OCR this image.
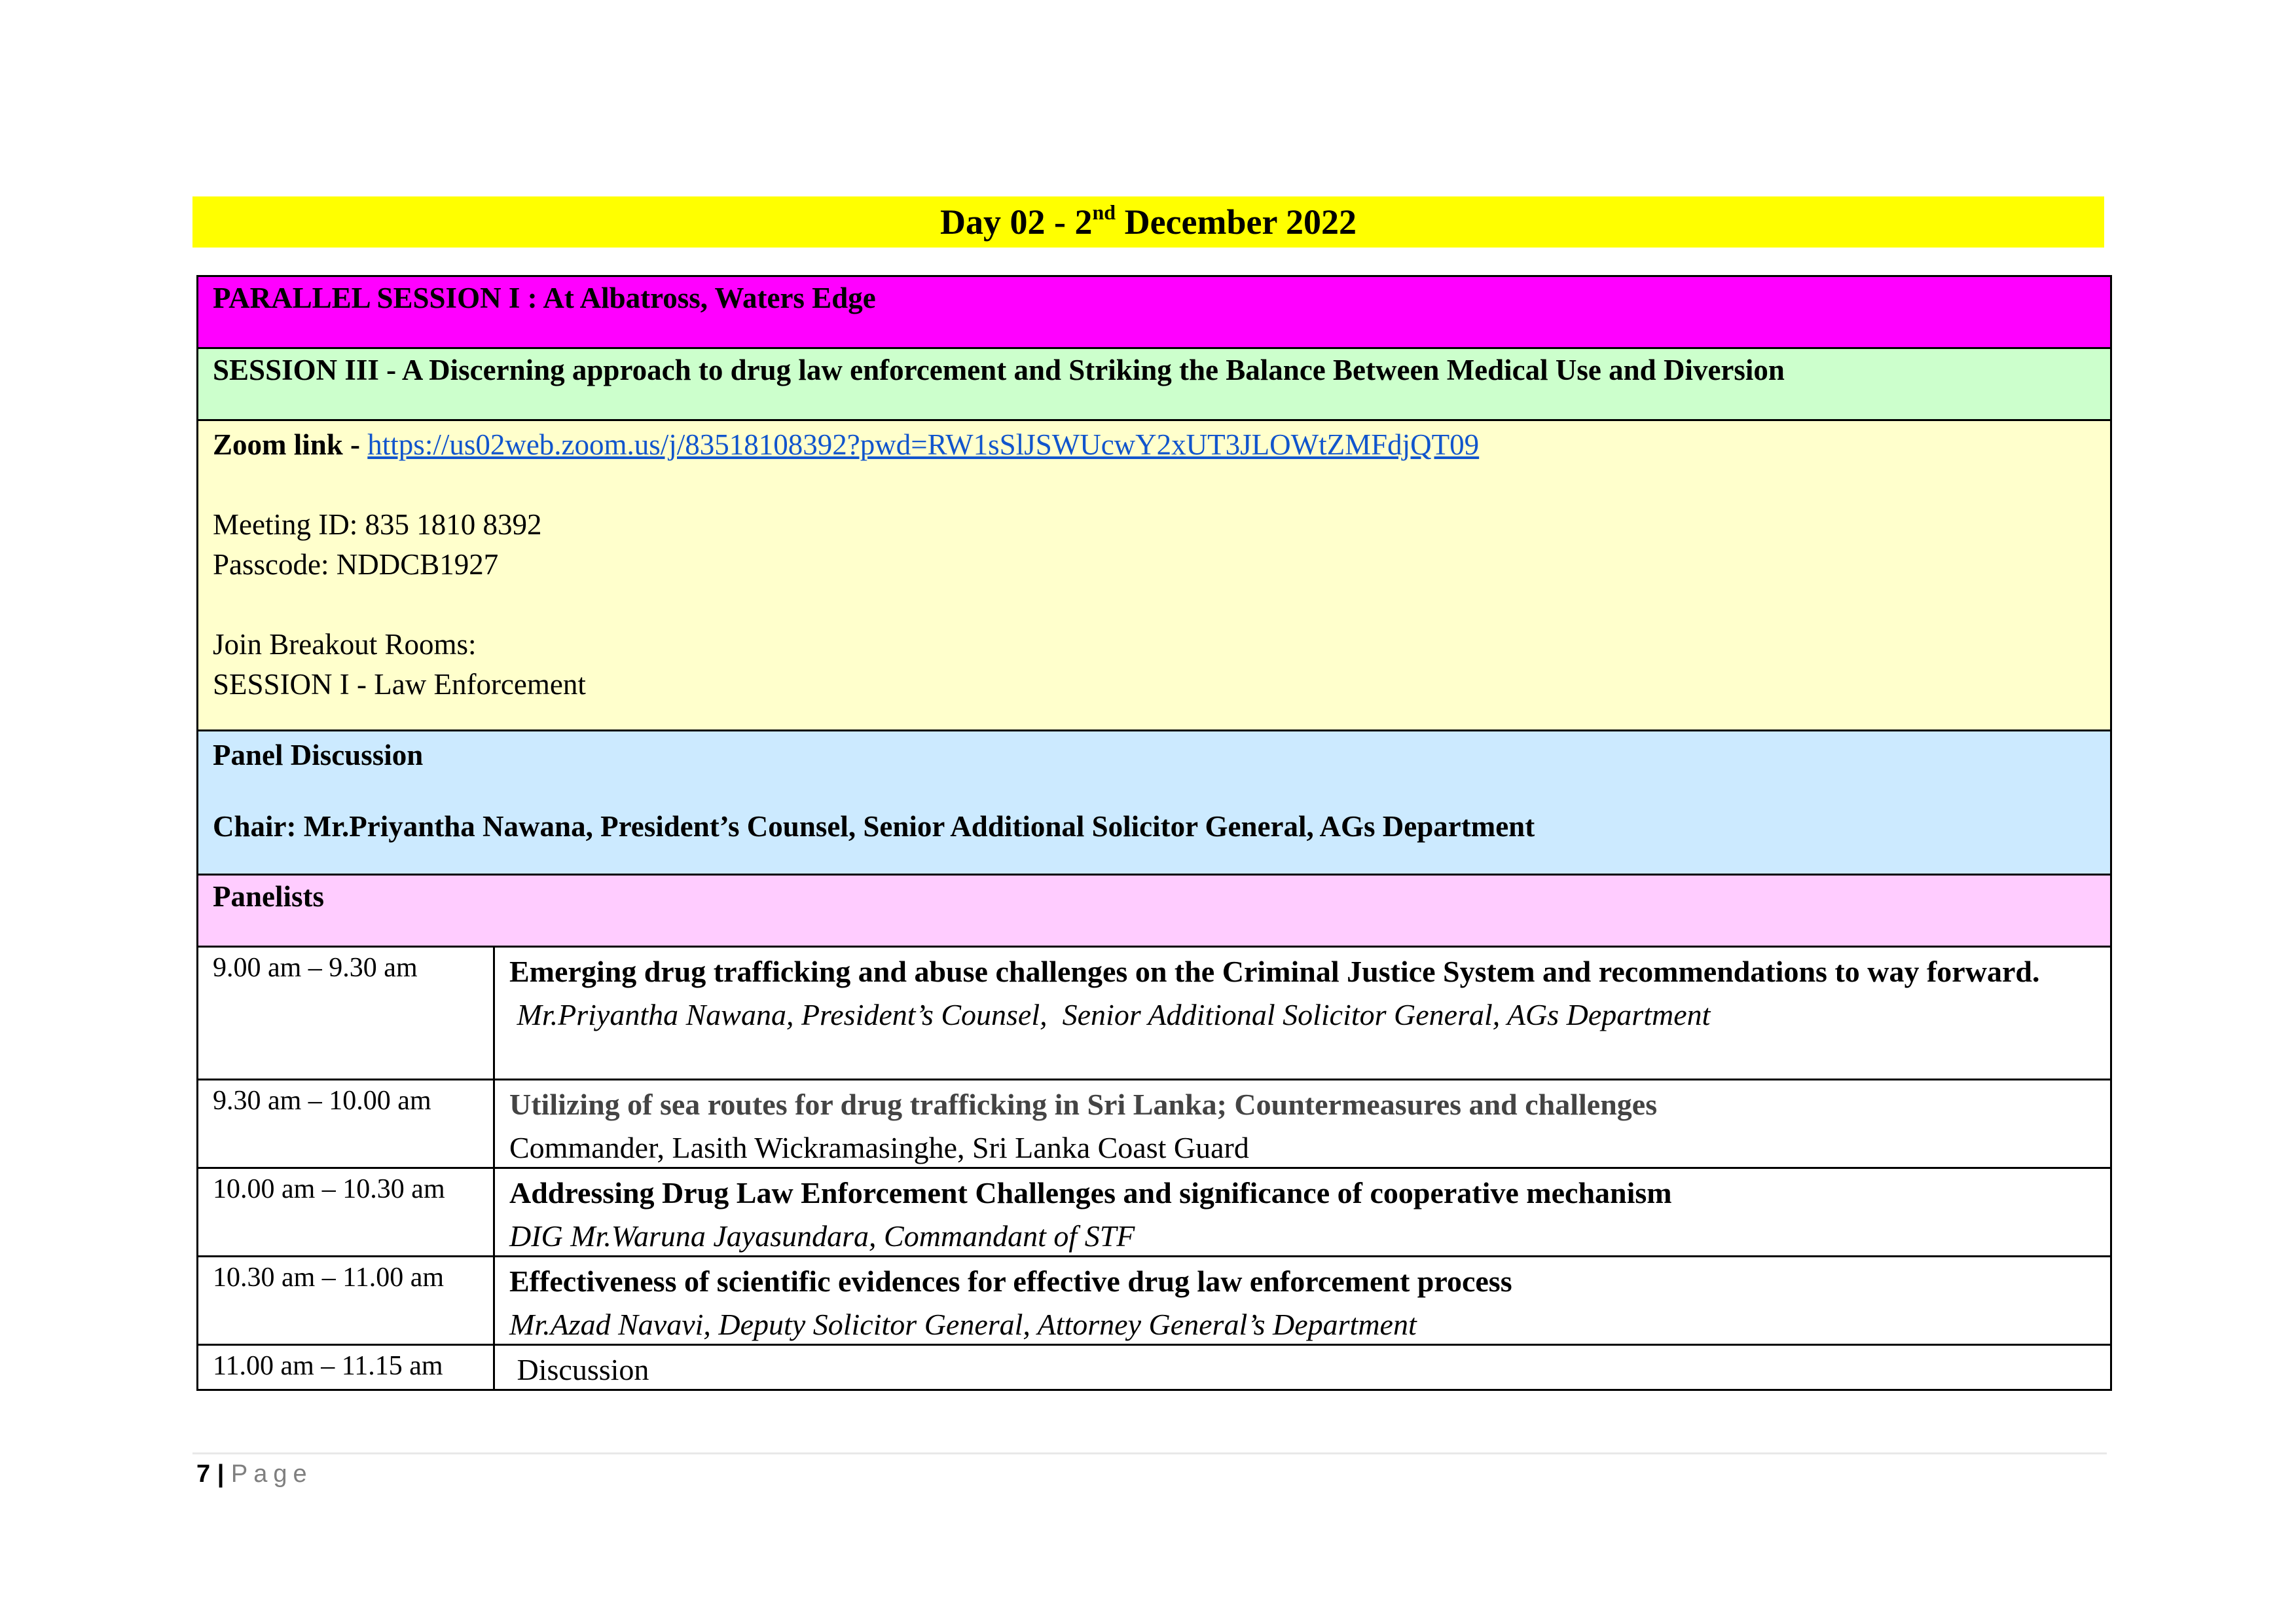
Day 02 - 2nd December 2022
PARALLEL SESSION I : At Albatross, Waters Edge
SESSION III - A Discerning approach to drug law enforcement and Striking the Balance Between Medical Use and Diversion
Zoom link - https://us02web.zoom.us/j/83518108392?pwd=RW1sSlJSWUcwY2xUT3JLOWtZMFdjQT09
Meeting ID: 835 1810 8392
Passcode: NDDCB1927
Join Breakout Rooms:
SESSION I - Law Enforcement
Panel Discussion
Chair: Mr.Priyantha Nawana, President’s Counsel, Senior Additional Solicitor General, AGs Department
Panelists
9.00 am – 9.30 am	Emerging drug trafficking and abuse challenges on the Criminal Justice System and recommendations to way forward.
Mr.Priyantha Nawana, President’s Counsel,  Senior Additional Solicitor General, AGs Department
9.30 am – 10.00 am	Utilizing of sea routes for drug trafficking in Sri Lanka; Countermeasures and challenges
Commander, Lasith Wickramasinghe, Sri Lanka Coast Guard
10.00 am – 10.30 am	Addressing Drug Law Enforcement Challenges and significance of cooperative mechanism
DIG Mr.Waruna Jayasundara, Commandant of STF
10.30 am – 11.00 am	Effectiveness of scientific evidences for effective drug law enforcement process
Mr.Azad Navavi, Deputy Solicitor General, Attorney General’s Department
11.00 am – 11.15 am	Discussion
7 | Page
